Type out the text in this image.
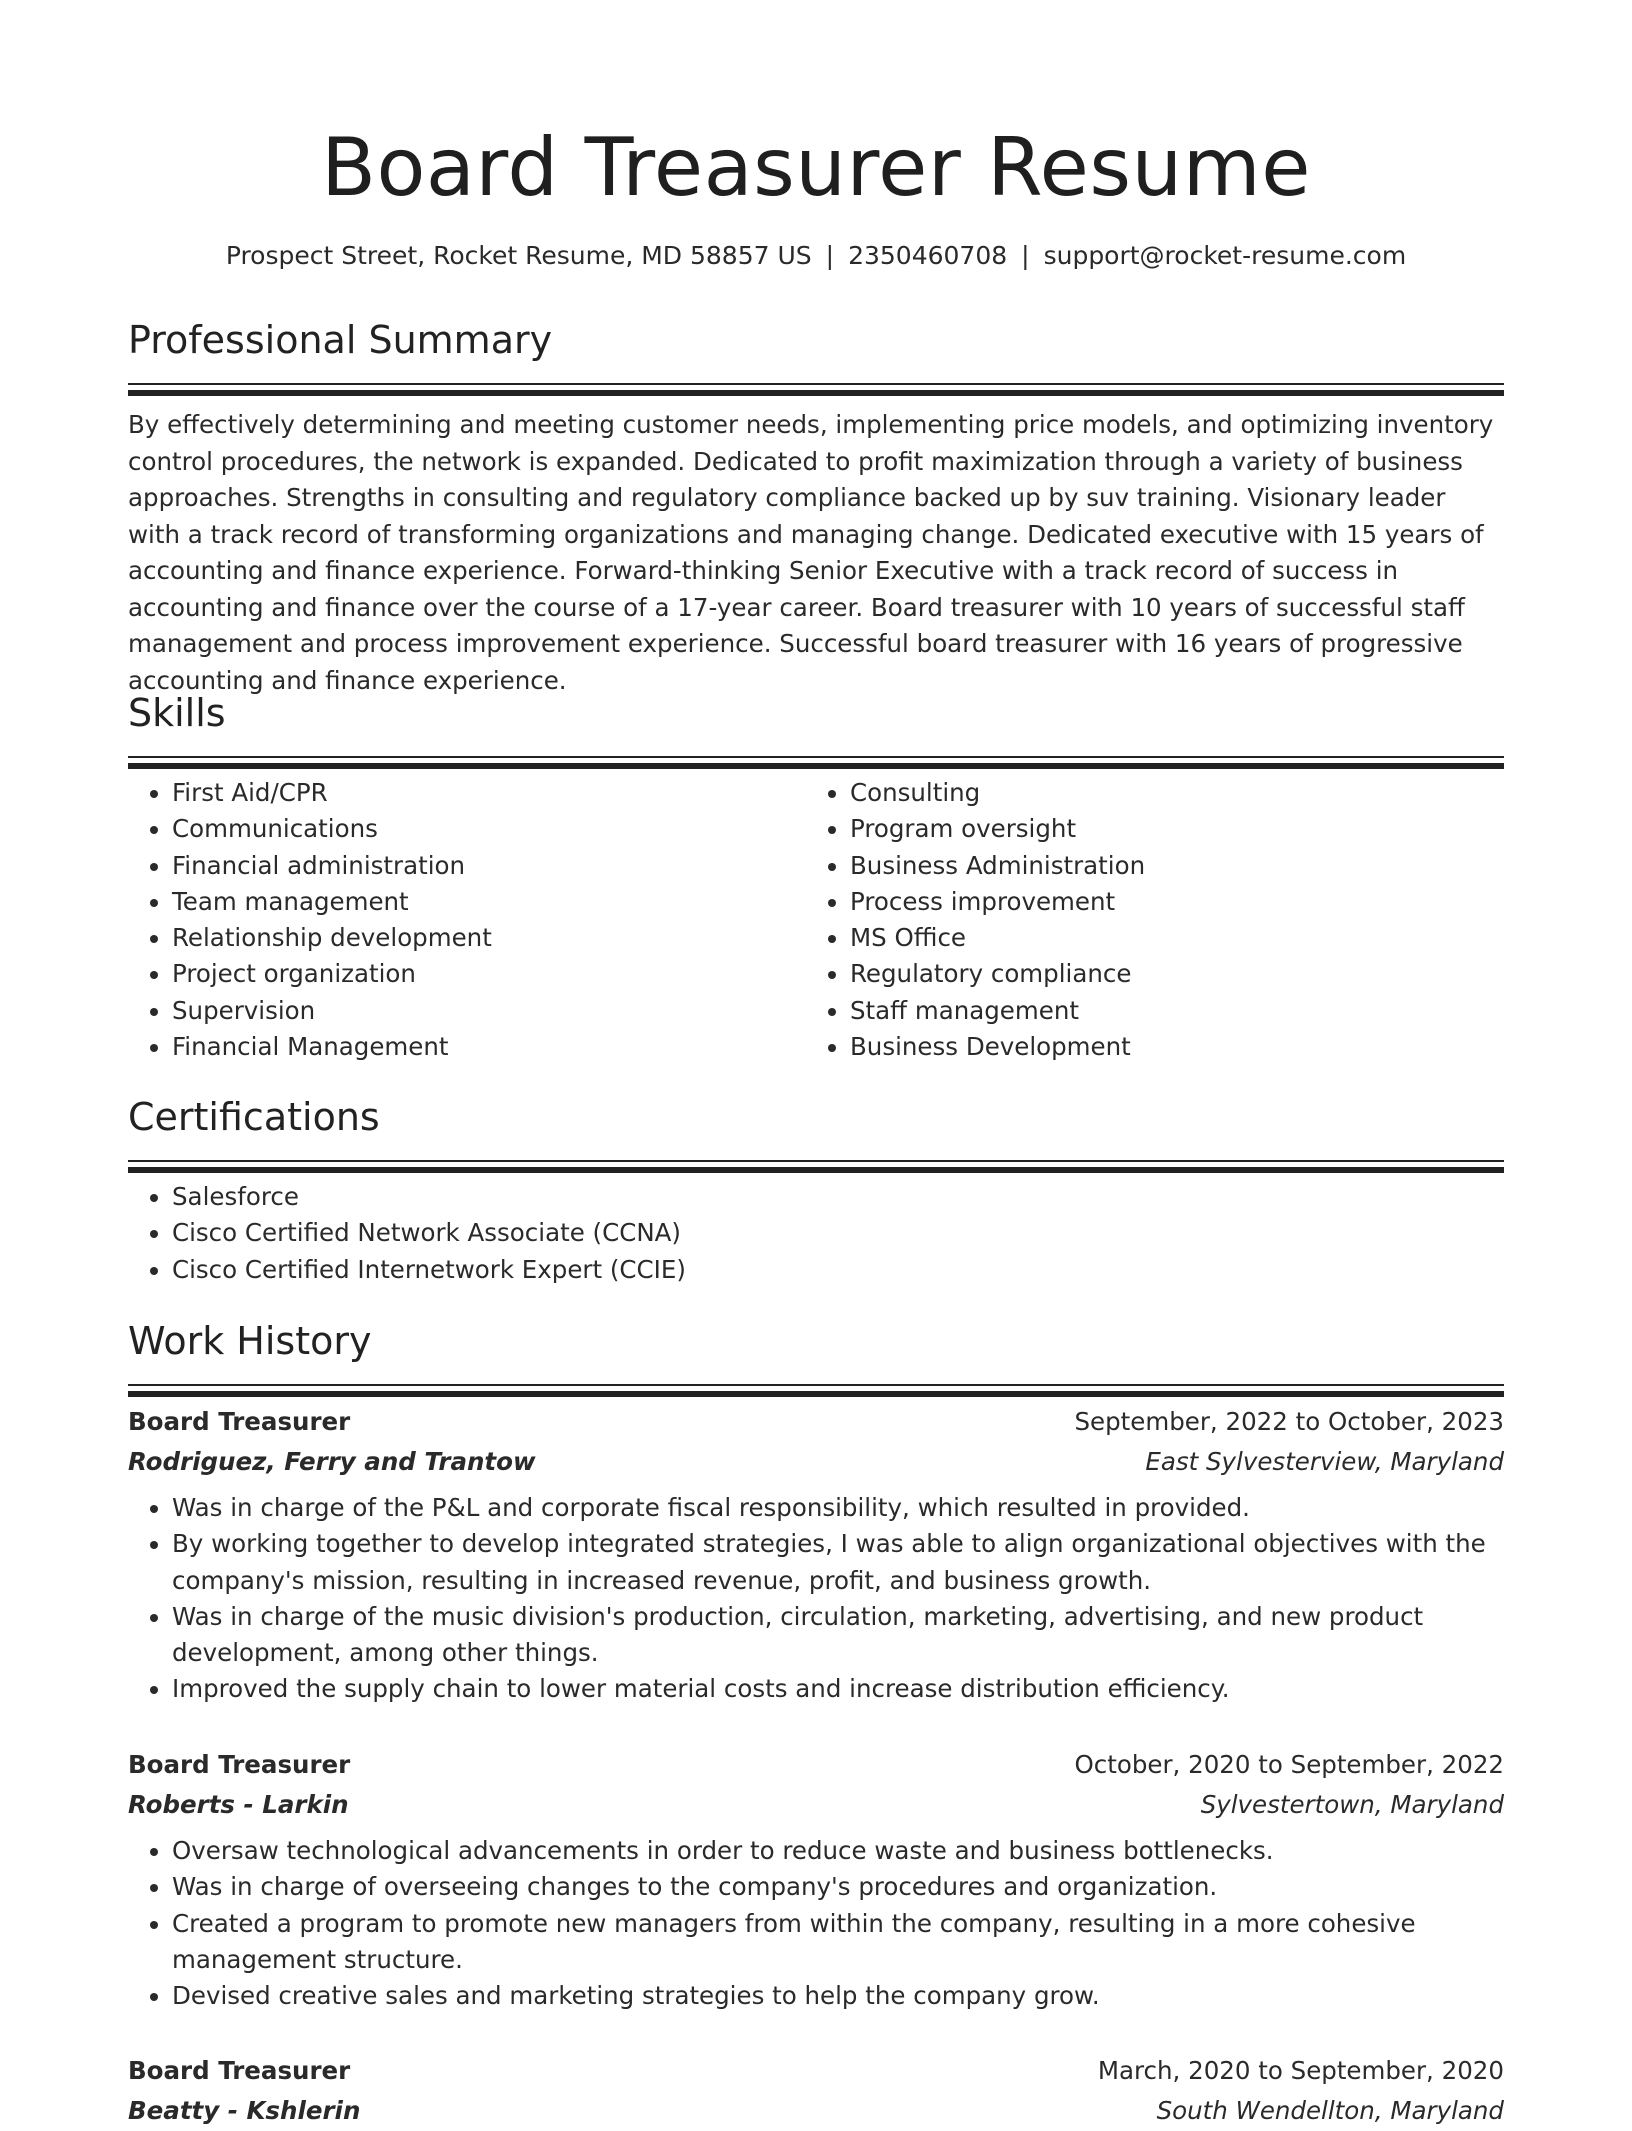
Board Treasurer Resume
Prospect Street, Rocket Resume, MD 58857 US | 2350460708 | support@rocket-resume.com
Professional Summary

By effectively determining and meeting customer needs, implementing price models, and optimizing inventory control procedures, the network is expanded. Dedicated to profit maximization through a variety of business approaches. Strengths in consulting and regulatory compliance backed up by suv training. Visionary leader with a track record of transforming organizations and managing change. Dedicated executive with 15 years of accounting and finance experience. Forward-thinking Senior Executive with a track record of success in accounting and finance over the course of a 17-year career. Board treasurer with 10 years of successful staff management and process improvement experience. Successful board treasurer with 16 years of progressive accounting and finance experience.

Skills
• First Aid/CPR
• Communications
• Financial administration
• Team management
• Relationship development
• Project organization
• Supervision
• Financial Management
• Consulting
• Program oversight
• Business Administration
• Process improvement
• MS Office
• Regulatory compliance
• Staff management
• Business Development
Certifications
• Salesforce
• Cisco Certified Network Associate (CCNA)
• Cisco Certified Internetwork Expert (CCIE)
Work History
Board Treasurer	September, 2022 to October, 2023
Rodriguez, Ferry and Trantow	East Sylvesterview, Maryland
• Was in charge of the P&L and corporate fiscal responsibility, which resulted in provided.
• By working together to develop integrated strategies, I was able to align organizational objectives with the company's mission, resulting in increased revenue, profit, and business growth.
• Was in charge of the music division's production, circulation, marketing, advertising, and new product development, among other things.
• Improved the supply chain to lower material costs and increase distribution efficiency.
Board Treasurer	October, 2020 to September, 2022
Roberts - Larkin	Sylvestertown, Maryland
• Oversaw technological advancements in order to reduce waste and business bottlenecks.
• Was in charge of overseeing changes to the company's procedures and organization.
• Created a program to promote new managers from within the company, resulting in a more cohesive management structure.
• Devised creative sales and marketing strategies to help the company grow.
Board Treasurer	March, 2020 to September, 2020
Beatty - Kshlerin	South Wendellton, Maryland
